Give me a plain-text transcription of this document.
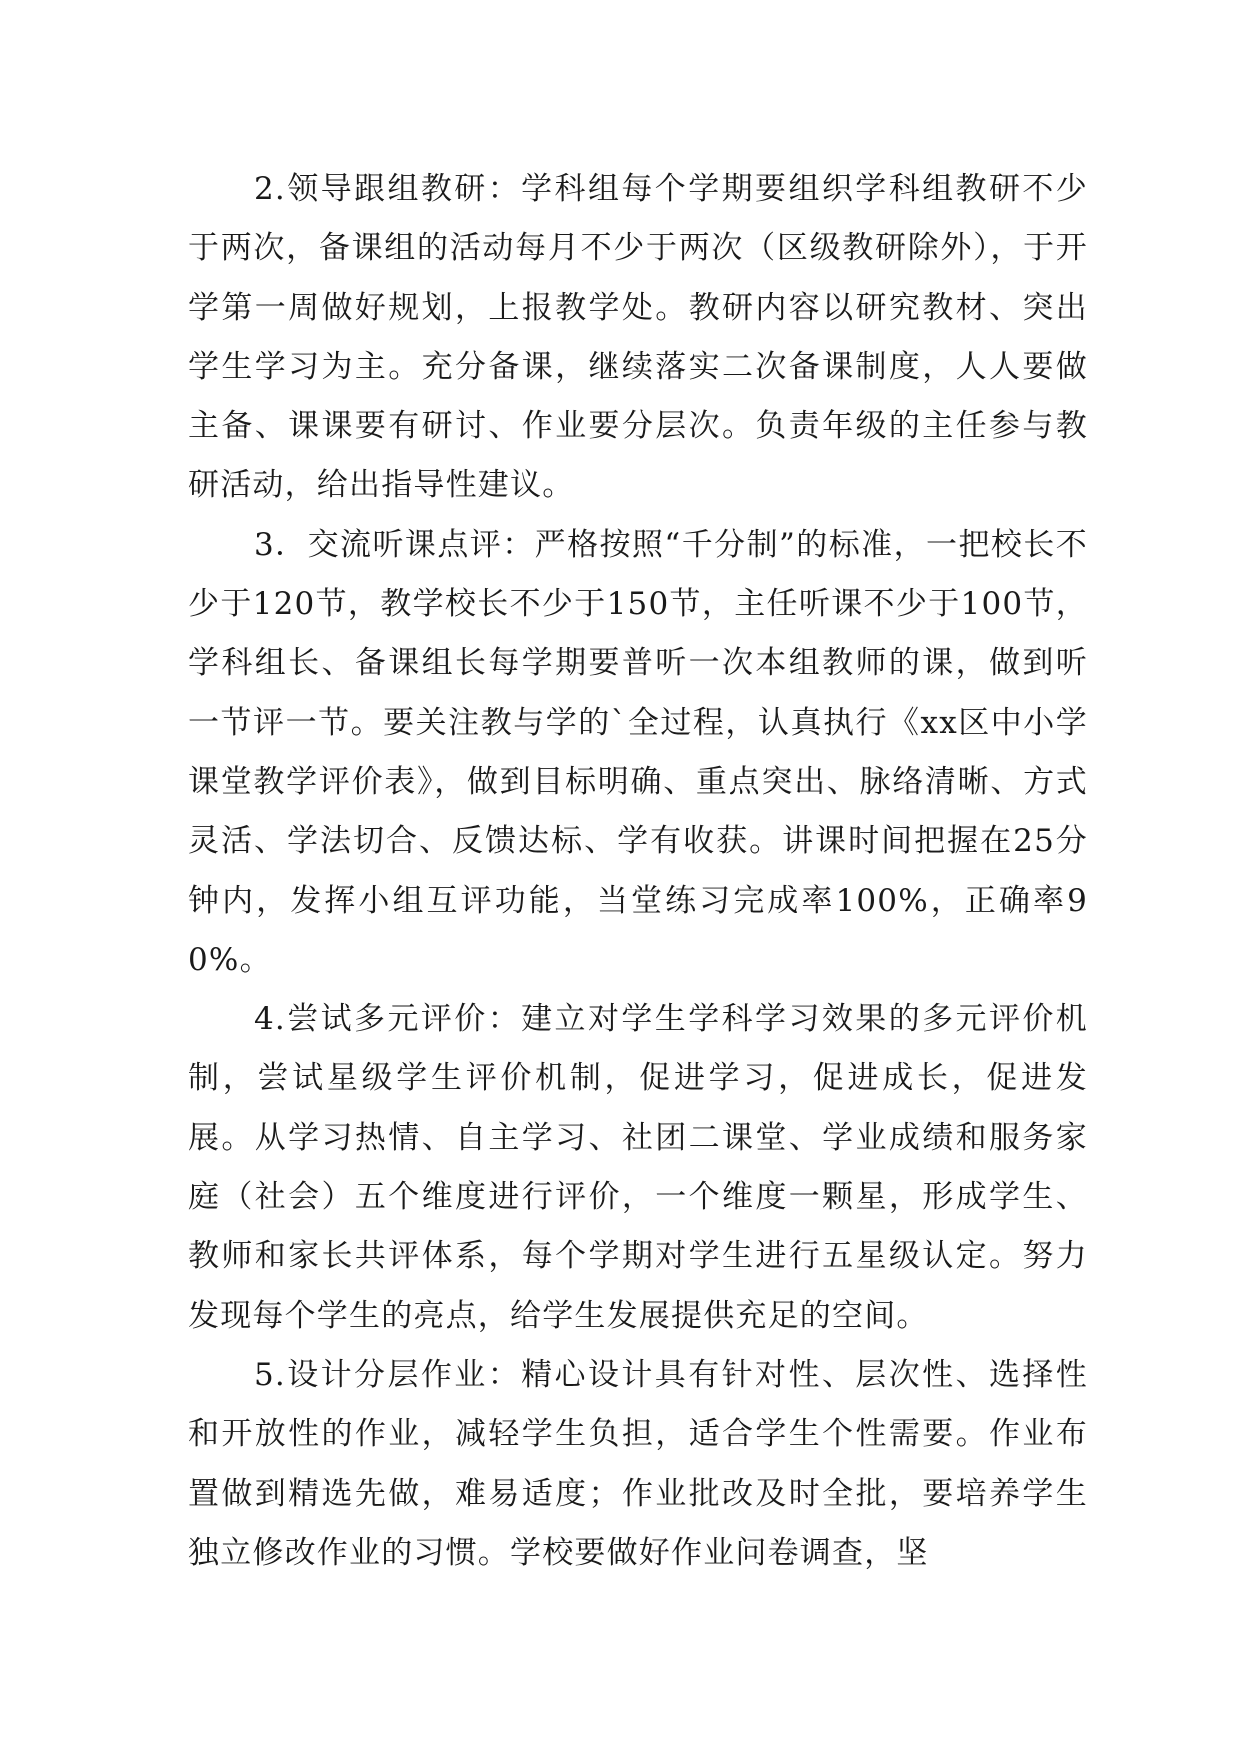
2.领导跟组教研：学科组每个学期要组织学科组教研不少于两次，备课组的活动每月不少于两次（区级教研除外），于开学第一周做好规划，上报教学处。教研内容以研究教材、突出学生学习为主。充分备课，继续落实二次备课制度，人人要做主备、课课要有研讨、作业要分层次。负责年级的主任参与教研活动，给出指导性建议。

3．交流听课点评：严格按照“千分制”的标准，一把校长不少于120节，教学校长不少于150节，主任听课不少于100节，学科组长、备课组长每学期要普听一次本组教师的课，做到听一节评一节。要关注教与学的`全过程，认真执行《xx区中小学课堂教学评价表》，做到目标明确、重点突出、脉络清晰、方式灵活、学法切合、反馈达标、学有收获。讲课时间把握在25分钟内，发挥小组互评功能，当堂练习完成率100%，正确率90%。

4.尝试多元评价：建立对学生学科学习效果的多元评价机制，尝试星级学生评价机制，促进学习，促进成长，促进发展。从学习热情、自主学习、社团二课堂、学业成绩和服务家庭（社会）五个维度进行评价，一个维度一颗星，形成学生、教师和家长共评体系，每个学期对学生进行五星级认定。努力发现每个学生的亮点，给学生发展提供充足的空间。

5.设计分层作业：精心设计具有针对性、层次性、选择性和开放性的作业，减轻学生负担，适合学生个性需要。作业布置做到精选先做，难易适度；作业批改及时全批，要培养学生独立修改作业的习惯。学校要做好作业问卷调查，坚
